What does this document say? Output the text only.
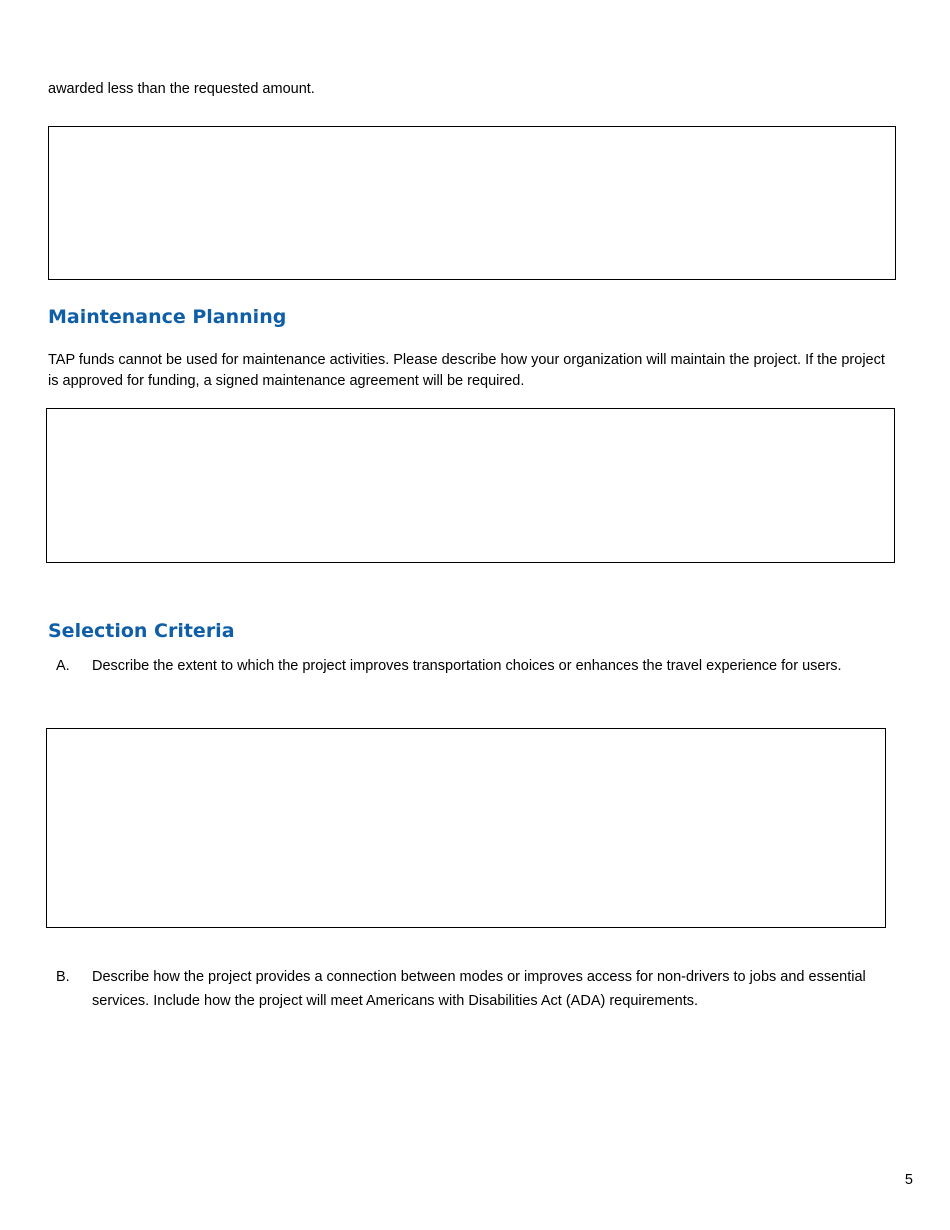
awarded less than the requested amount.

Maintenance Planning

TAP funds cannot be used for maintenance activities. Please describe how your organization will maintain the project. If the project is approved for funding, a signed maintenance agreement will be required.

Selection Criteria
A. Describe the extent to which the project improves transportation choices or enhances the travel experience for users.
B. Describe how the project provides a connection between modes or improves access for non-drivers to jobs and essential services. Include how the project will meet Americans with Disabilities Act (ADA) requirements.
5
